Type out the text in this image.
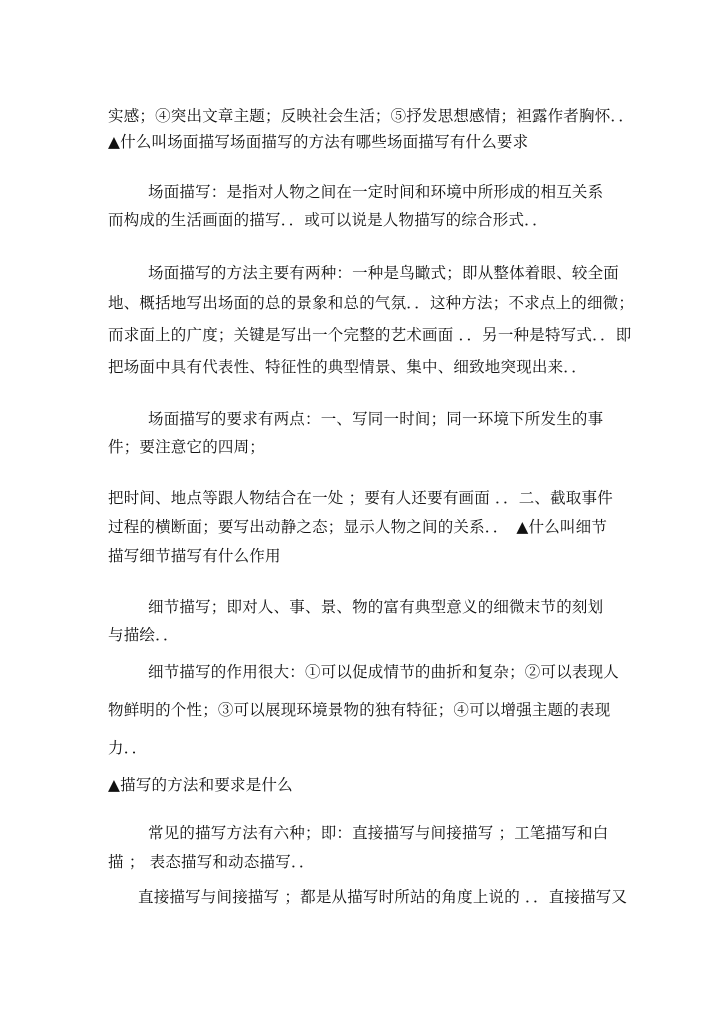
实感；④突出文章主题；反映社会生活；⑤抒发思想感情；袒露作者胸怀．．
▲什么叫场面描写场面描写的方法有哪些场面描写有什么要求
场面描写：是指对人物之间在一定时间和环境中所形成的相互关系
而构成的生活画面的描写．．或可以说是人物描写的综合形式．．
场面描写的方法主要有两种：一种是鸟瞰式；即从整体着眼、较全面
地、概括地写出场面的总的景象和总的气氛．．这种方法；不求点上的细微；
而求面上的广度；关键是写出一个完整的艺术画面 ．．另一种是特写式．．即
把场面中具有代表性、特征性的典型情景、集中、细致地突现出来．．
场面描写的要求有两点：一、写同一时间；同一环境下所发生的事
件；要注意它的四周；
把时间、地点等跟人物结合在一处 ；要有人还要有画面 ．．二、截取事件
过程的横断面；要写出动静之态；显示人物之间的关系．．　▲什么叫细节
描写细节描写有什么作用
细节描写；即对人、事、景、物的富有典型意义的细微末节的刻划
与描绘．．
细节描写的作用很大：①可以促成情节的曲折和复杂；②可以表现人
物鲜明的个性；③可以展现环境景物的独有特征；④可以增强主题的表现
力．．
▲描写的方法和要求是什么
常见的描写方法有六种；即：直接描写与间接描写 ；工笔描写和白
描 ； 表态描写和动态描写．．
直接描写与间接描写 ；都是从描写时所站的角度上说的 ．．直接描写又
